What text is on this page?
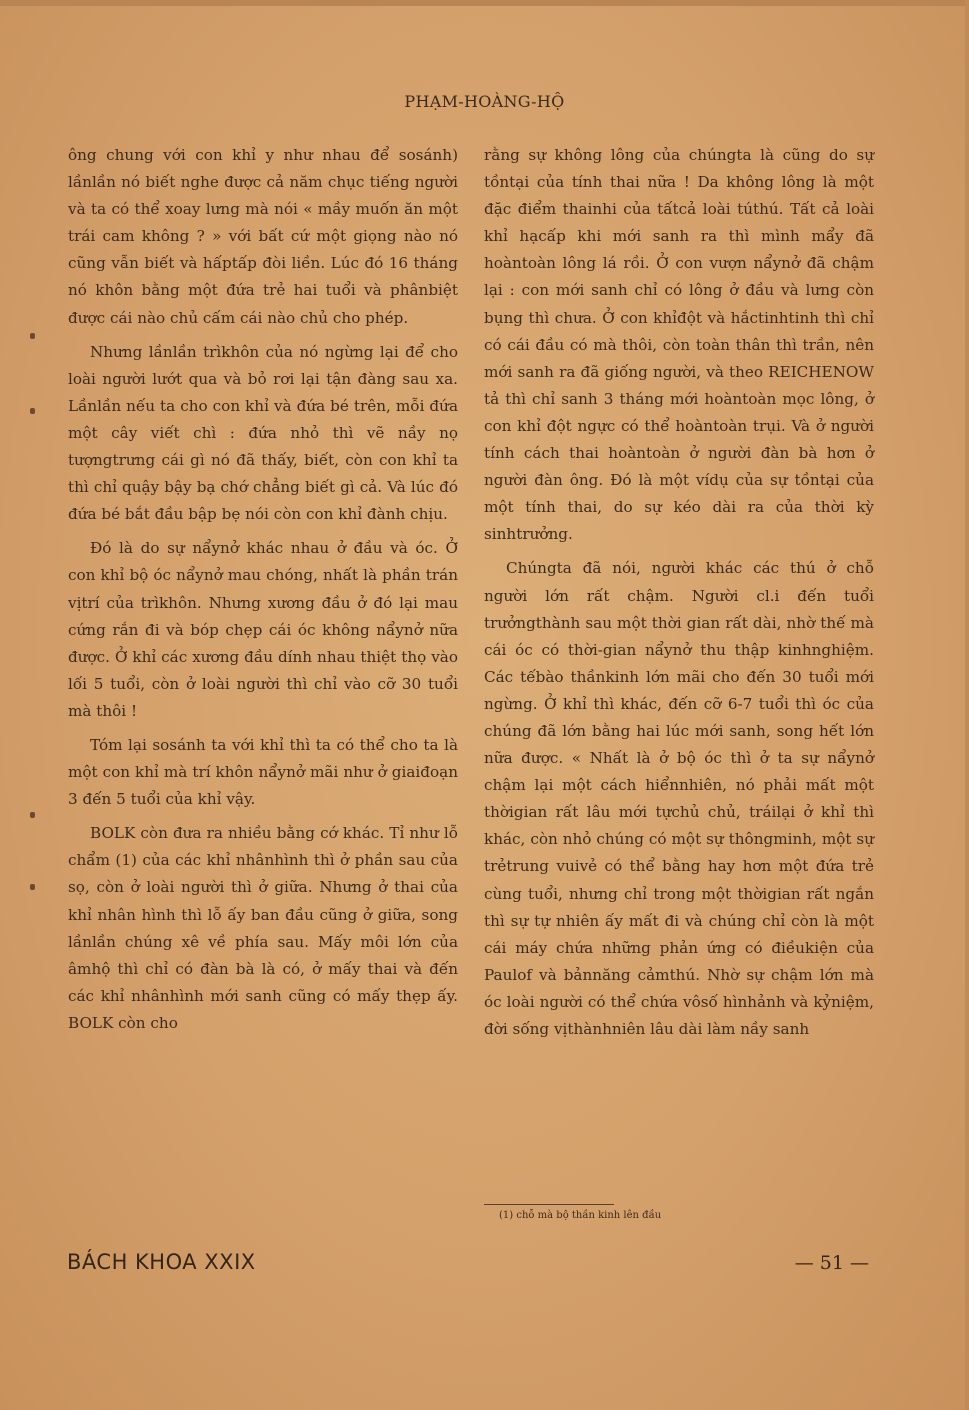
PHẠM-HOÀNG-HỘ

ông chung với con khỉ y như nhau để sosánh) lầnlần nó biết nghe được cả năm chục tiếng người và ta có thể xoay lưng mà nói « mầy muốn ăn một trái cam không ? » với bất cứ một giọng nào nó cũng vẫn biết và hấptấp đòi liền. Lúc đó 16 tháng nó khôn bằng một đứa trẻ hai tuổi và phânbiệt được cái nào chủ cấm cái nào chủ cho phép.

Nhưng lầnlần trìkhôn của nó ngừng lại để cho loài người lướt qua và bỏ rơi lại tận đàng sau xa. Lầnlần nếu ta cho con khỉ và đứa bé trên, mỗi đứa một cây viết chì : đứa nhỏ thì vẽ nầy nọ tượngtrưng cái gì nó đã thấy, biết, còn con khỉ ta thì chỉ quậy bậy bạ chớ chẳng biết gì cả. Và lúc đó đứa bé bắt đầu bập bẹ nói còn con khỉ đành chịu.

Đó là do sự nẩynở khác nhau ở đầu và óc. Ở con khỉ bộ óc nẩynở mau chóng, nhất là phần trán vịtrí của trìkhôn. Nhưng xương đầu ở đó lại mau cứng rắn đi và bóp chẹp cái óc không nẩynở nữa được. Ở khỉ các xương đầu dính nhau thiệt thọ vào lối 5 tuổi, còn ở loài người thì chỉ vào cỡ 30 tuổi mà thôi !

Tóm lại sosánh ta với khỉ thì ta có thể cho ta là một con khỉ mà trí khôn nẩynở mãi như ở giaiđoạn 3 đến 5 tuổi của khỉ vậy.

BOLK còn đưa ra nhiều bằng cớ khác. Tỉ như lỗ chẩm (1) của các khỉ nhânhình thì ở phần sau của sọ, còn ở loài người thì ở giữa. Nhưng ở thai của khỉ nhân hình thì lỗ ấy ban đầu cũng ở giữa, song lầnlần chúng xê về phía sau. Mấy môi lớn của âmhộ thì chỉ có đàn bà là có, ở mấy thai và đến các khỉ nhânhình mới sanh cũng có mấy thẹp ấy. BOLK còn cho

rằng sự không lông của chúngta là cũng do sự tồntại của tính thai nữa ! Da không lông là một đặc điểm thainhi của tấtcả loài túthú. Tất cả loài khỉ hạcấp khi mới sanh ra thì mình mẩy đã hoàntoàn lông lá rồi. Ở con vượn nẩynở đã chậm lại : con mới sanh chỉ có lông ở đầu và lưng còn bụng thì chưa. Ở con khỉđột và hắctinhtinh thì chỉ có cái đầu có mà thôi, còn toàn thân thì trần, nên mới sanh ra đã giống người, và theo REICHENOW tả thì chỉ sanh 3 tháng mới hoàntoàn mọc lông, ở con khỉ đột ngực có thể hoàntoàn trụi. Và ở người tính cách thai hoàntoàn ở người đàn bà hơn ở người đàn ông. Đó là một vídụ của sự tồntại của một tính thai, do sự kéo dài ra của thời kỳ sinhtrưởng.

Chúngta đã nói, người khác các thú ở chỗ người lớn rất chậm. Người cl.i đến tuổi trưởngthành sau một thời gian rất dài, nhờ thế mà cái óc có thời-gian nẩynở thu thập kinhnghiệm. Các tếbào thầnkinh lớn mãi cho đến 30 tuổi mới ngừng. Ở khỉ thì khác, đến cỡ 6-7 tuổi thì óc của chúng đã lớn bằng hai lúc mới sanh, song hết lớn nữa được. « Nhất là ở bộ óc thì ở ta sự nẩynở chậm lại một cách hiểnnhiên, nó phải mất một thờigian rất lâu mới tựchủ chủ, tráilại ở khỉ thì khác, còn nhỏ chúng có một sự thôngminh, một sự trẻtrung vuivẻ có thể bằng hay hơn một đứa trẻ cùng tuổi, nhưng chỉ trong một thờigian rất ngắn thì sự tự nhiên ấy mất đi và chúng chỉ còn là một cái máy chứa những phản ứng có điềukiện của Paulof và bảnnăng cảmthú. Nhờ sự chậm lớn mà óc loài người có thể chứa vôsố hìnhảnh và kỷniệm, đời sống vịthànhniên lâu dài làm nầy sanh

(1) chỗ mà bộ thần kinh lên đầu
BÁCH KHOA XXIX	— 51 —
